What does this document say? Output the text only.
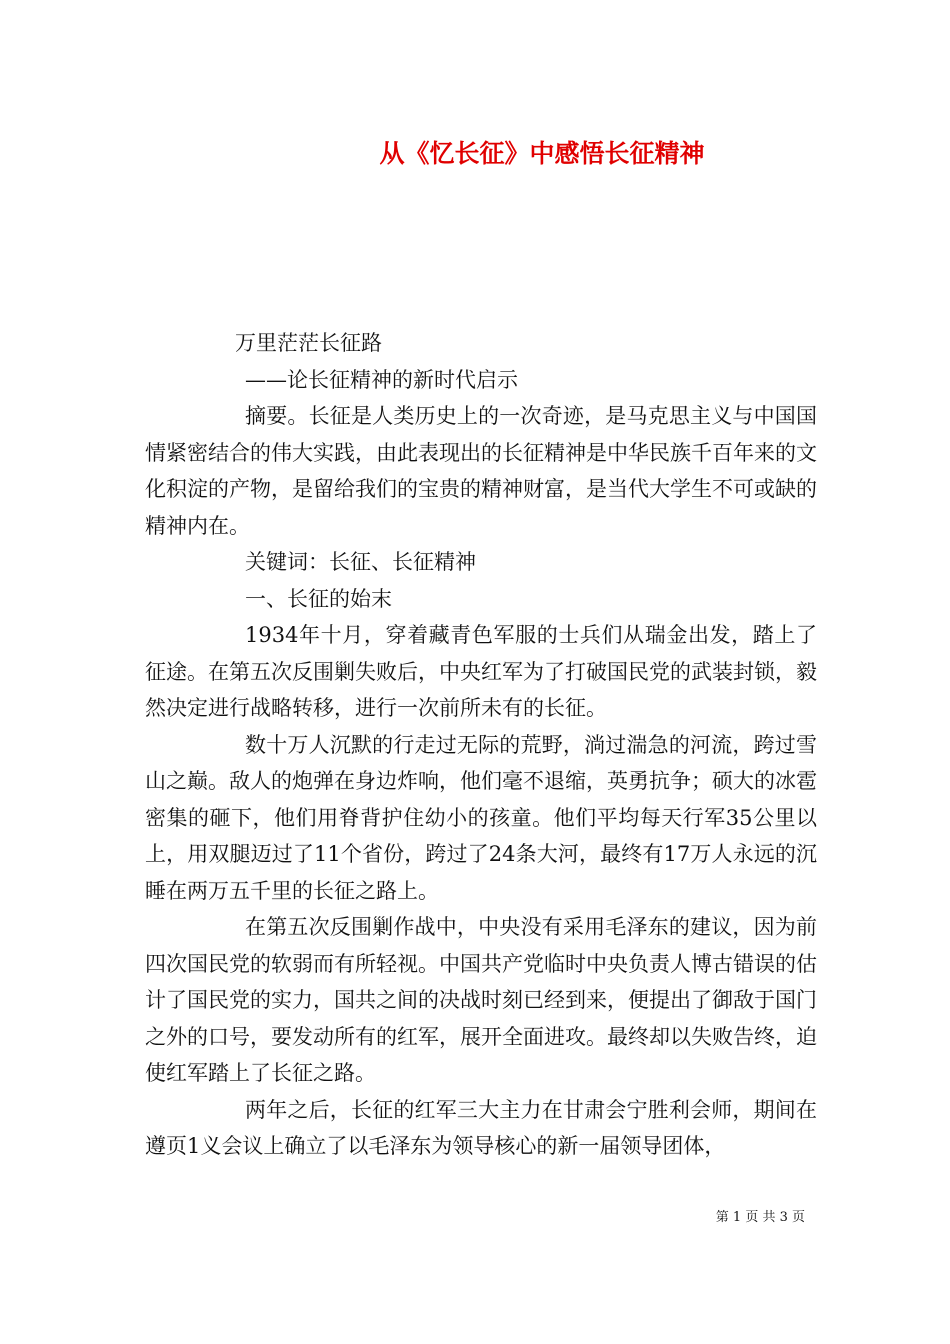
从《忆长征》中感悟长征精神
万里茫茫长征路
——论长征精神的新时代启示

摘要。长征是人类历史上的一次奇迹，是马克思主义与中国国情紧密结合的伟大实践，由此表现出的长征精神是中华民族千百年来的文化积淀的产物，是留给我们的宝贵的精神财富，是当代大学生不可或缺的精神内在。

关键词：长征、长征精神

一、长征的始末

1934年十月，穿着藏青色军服的士兵们从瑞金出发，踏上了征途。在第五次反围剿失败后，中央红军为了打破国民党的武装封锁，毅然决定进行战略转移，进行一次前所未有的长征。

数十万人沉默的行走过无际的荒野，淌过湍急的河流，跨过雪山之巅。敌人的炮弹在身边炸响，他们毫不退缩，英勇抗争；硕大的冰雹密集的砸下，他们用脊背护住幼小的孩童。他们平均每天行军35公里以上，用双腿迈过了11个省份，跨过了24条大河，最终有17万人永远的沉睡在两万五千里的长征之路上。

在第五次反围剿作战中，中央没有采用毛泽东的建议，因为前四次国民党的软弱而有所轻视。中国共产党临时中央负责人博古错误的估计了国民党的实力，国共之间的决战时刻已经到来，便提出了御敌于国门之外的口号，要发动所有的红军，展开全面进攻。最终却以失败告终，迫使红军踏上了长征之路。

两年之后，长征的红军三大主力在甘肃会宁胜利会师，期间在遵页1义会议上确立了以毛泽东为领导核心的新一届领导团体，

第 1 页 共 3 页
